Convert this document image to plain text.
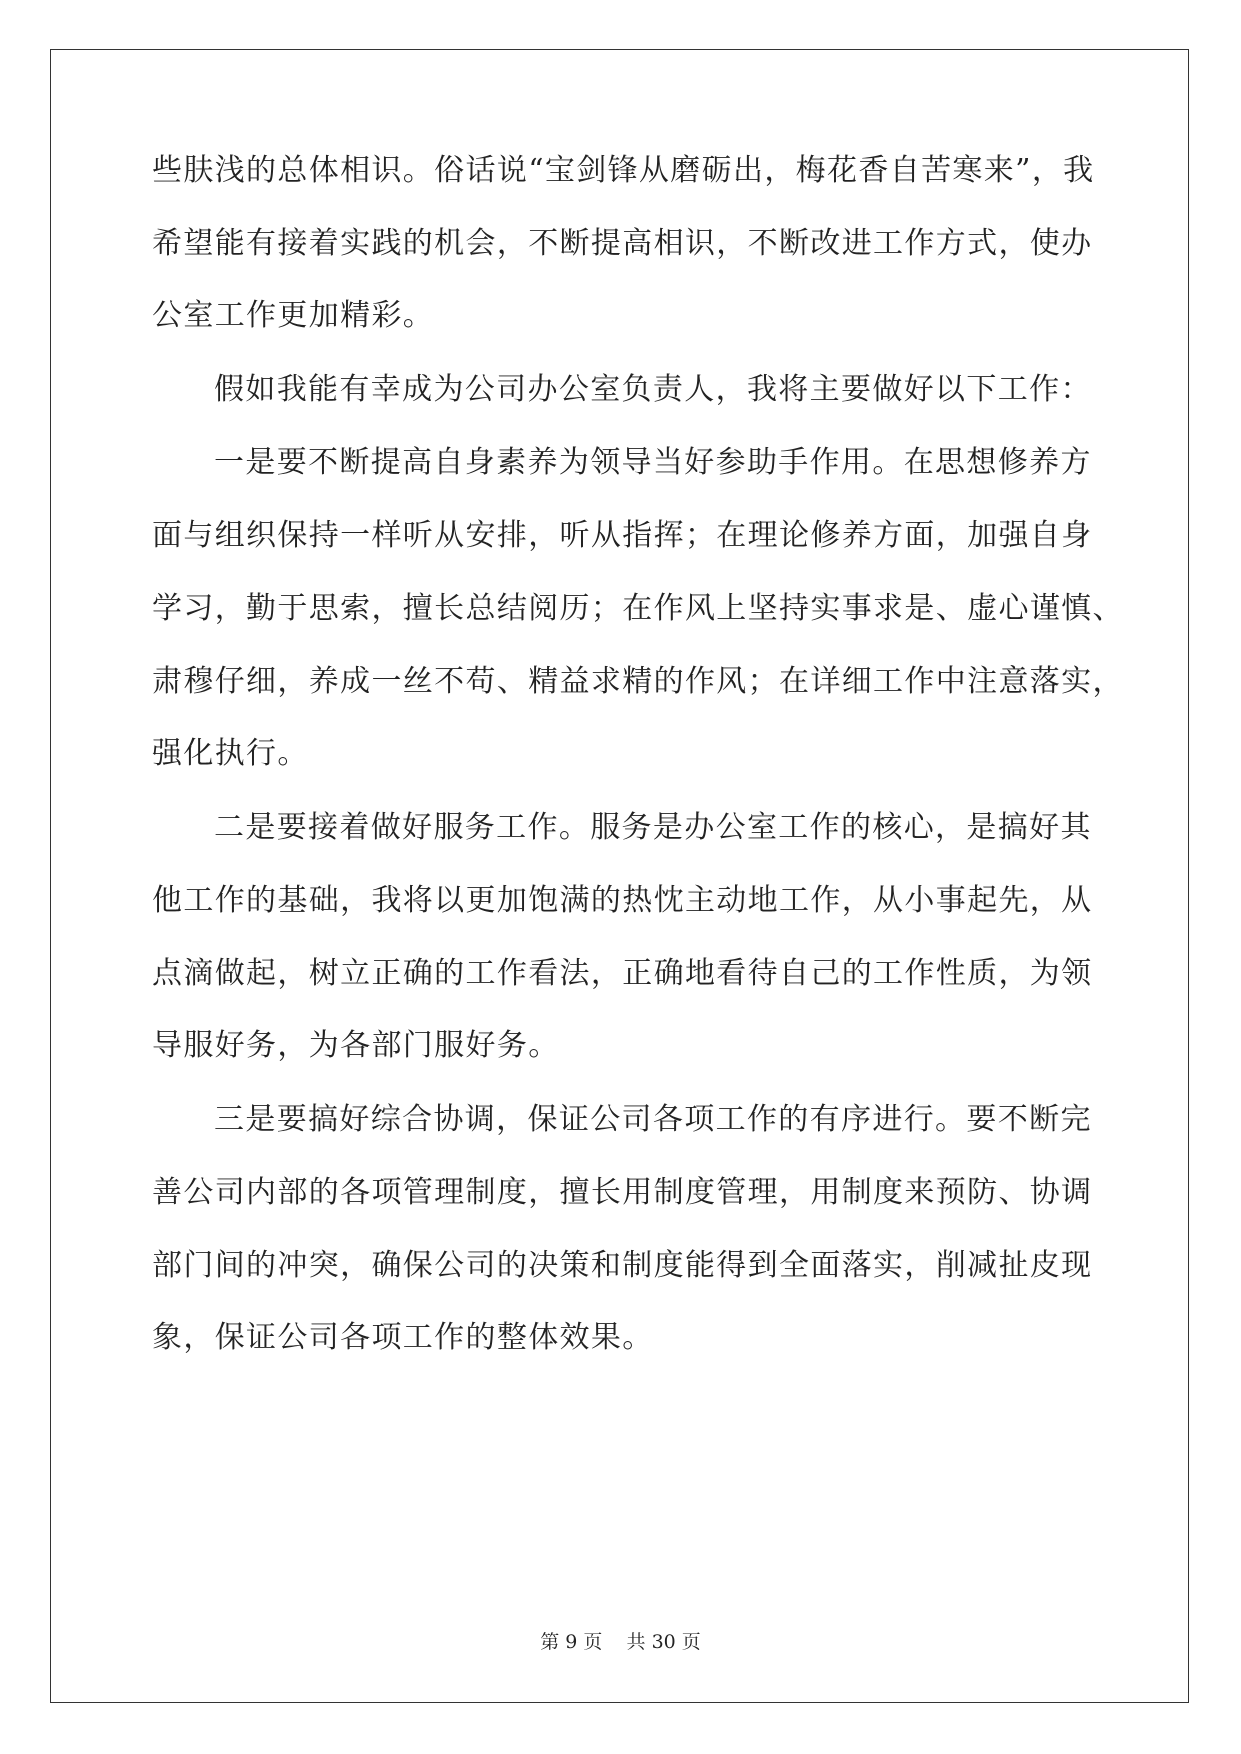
些肤浅的总体相识。俗话说“宝剑锋从磨砺出，梅花香自苦寒来”，我
希望能有接着实践的机会，不断提高相识，不断改进工作方式，使办
公室工作更加精彩。
假如我能有幸成为公司办公室负责人，我将主要做好以下工作：
一是要不断提高自身素养为领导当好参助手作用。在思想修养方
面与组织保持一样听从安排，听从指挥；在理论修养方面，加强自身
学习，勤于思索，擅长总结阅历；在作风上坚持实事求是、虚心谨慎、
肃穆仔细，养成一丝不苟、精益求精的作风；在详细工作中注意落实，
强化执行。
二是要接着做好服务工作。服务是办公室工作的核心，是搞好其
他工作的基础，我将以更加饱满的热忱主动地工作，从小事起先，从
点滴做起，树立正确的工作看法，正确地看待自己的工作性质，为领
导服好务，为各部门服好务。
三是要搞好综合协调，保证公司各项工作的有序进行。要不断完
善公司内部的各项管理制度，擅长用制度管理，用制度来预防、协调
部门间的冲突，确保公司的决策和制度能得到全面落实，削减扯皮现
象，保证公司各项工作的整体效果。
第 9 页    共 30 页
